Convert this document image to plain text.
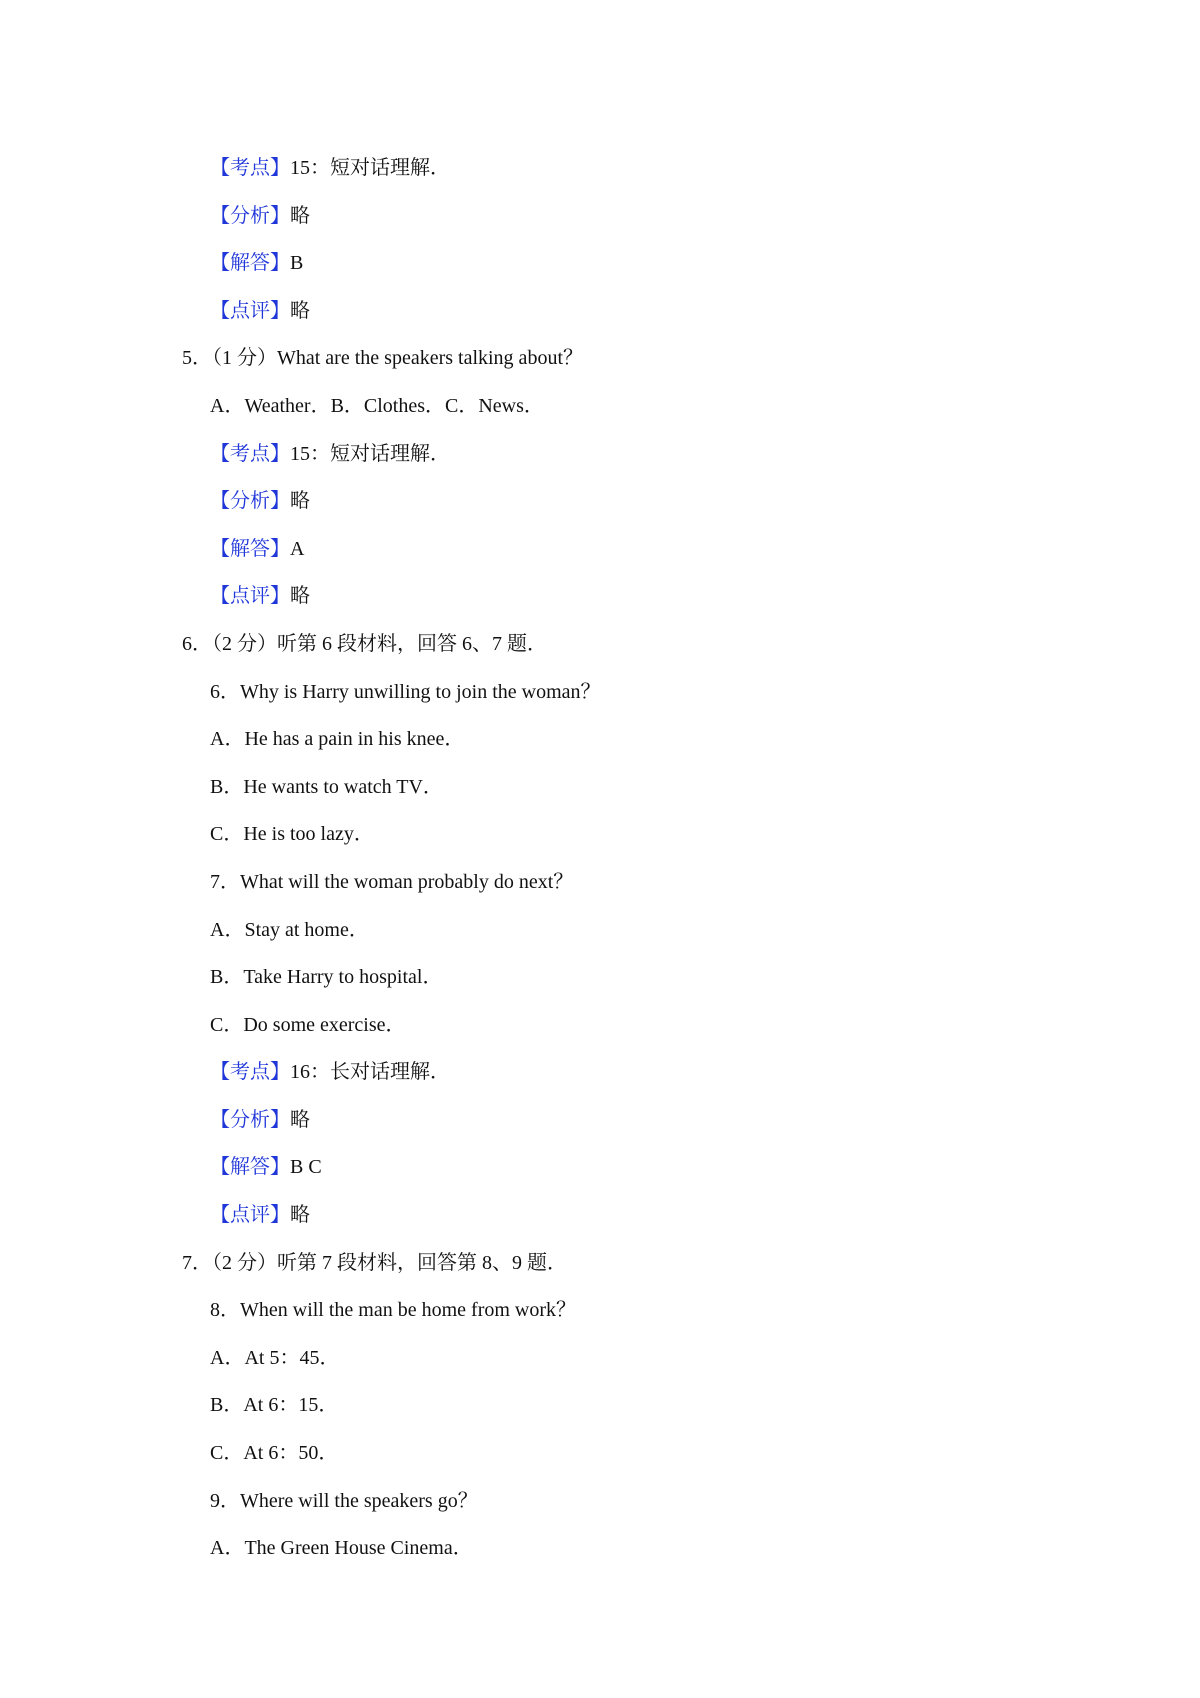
【考点】15：短对话理解．
【分析】略
【解答】B
【点评】略
5．（1 分）What are the speakers talking about？
A．Weather．B．Clothes．C．News．
【考点】15：短对话理解．
【分析】略
【解答】A
【点评】略
6．（2 分）听第 6 段材料，回答 6、7 题．
6．Why is Harry unwilling to join the woman？
A．He has a pain in his knee．
B．He wants to watch TV．
C．He is too lazy．
7．What will the woman probably do next？
A．Stay at home．
B．Take Harry to hospital．
C．Do some exercise．
【考点】16：长对话理解．
【分析】略
【解答】B C
【点评】略
7．（2 分）听第 7 段材料，回答第 8、9 题．
8．When will the man be home from work？
A．At 5：45．
B．At 6：15．
C．At 6：50．
9．Where will the speakers go？
A．The Green House Cinema．
